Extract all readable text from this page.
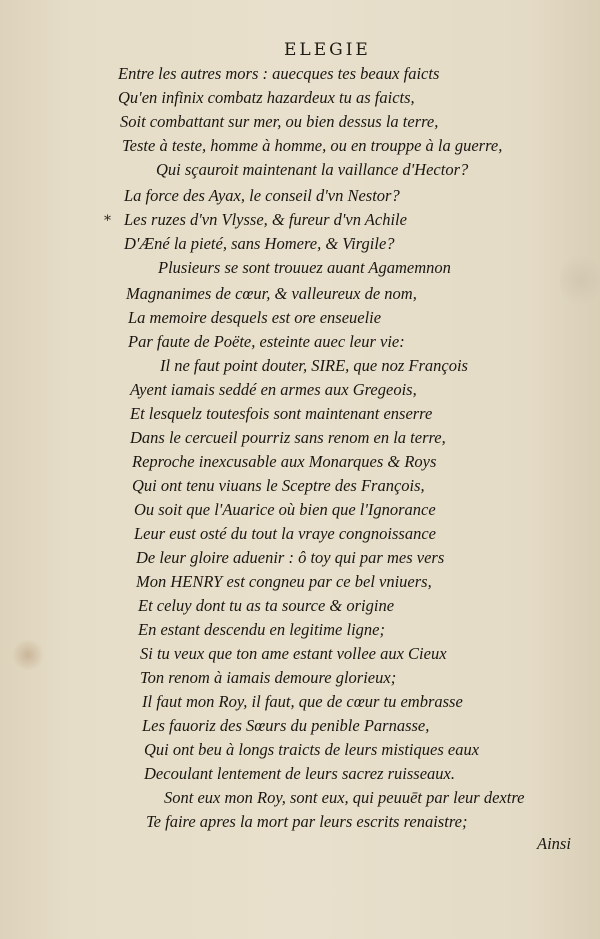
ELEGIE
*
Entre les autres mors : auecques tes beaux faicts
Qu'en infinix combatz hazardeux tu as faicts,
Soit combattant sur mer, ou bien dessus la terre,
Teste à teste, homme à homme, ou en trouppe à la guerre,
Qui sçauroit maintenant la vaillance d'Hector?
La force des Ayax, le conseil d'vn Nestor?
Les ruzes d'vn Vlysse, & fureur d'vn Achile
D'Æné la pieté, sans Homere, & Virgile?
Plusieurs se sont trouuez auant Agamemnon
Magnanimes de cœur, & valleureux de nom,
La memoire desquels est ore enseuelie
Par faute de Poëte, esteinte auec leur vie:
Il ne faut point douter, SIRE, que noz François
Ayent iamais seddé en armes aux Gregeois,
Et lesquelz toutesfois sont maintenant enserre
Dans le cercueil pourriz sans renom en la terre,
Reproche inexcusable aux Monarques & Roys
Qui ont tenu viuans le Sceptre des François,
Ou soit que l'Auarice où bien que l'Ignorance
Leur eust osté du tout la vraye congnoissance
De leur gloire aduenir : ô toy qui par mes vers
Mon HENRY est congneu par ce bel vniuers,
Et celuy dont tu as ta source & origine
En estant descendu en legitime ligne;
Si tu veux que ton ame estant vollee aux Cieux
Ton renom à iamais demoure glorieux;
Il faut mon Roy, il faut, que de cœur tu embrasse
Les fauoriz des Sœurs du penible Parnasse,
Qui ont beu à longs traicts de leurs mistiques eaux
Decoulant lentement de leurs sacrez ruisseaux.
Sont eux mon Roy, sont eux, qui peuuēt par leur dextre
Te faire apres la mort par leurs escrits renaistre;
Ainsi
